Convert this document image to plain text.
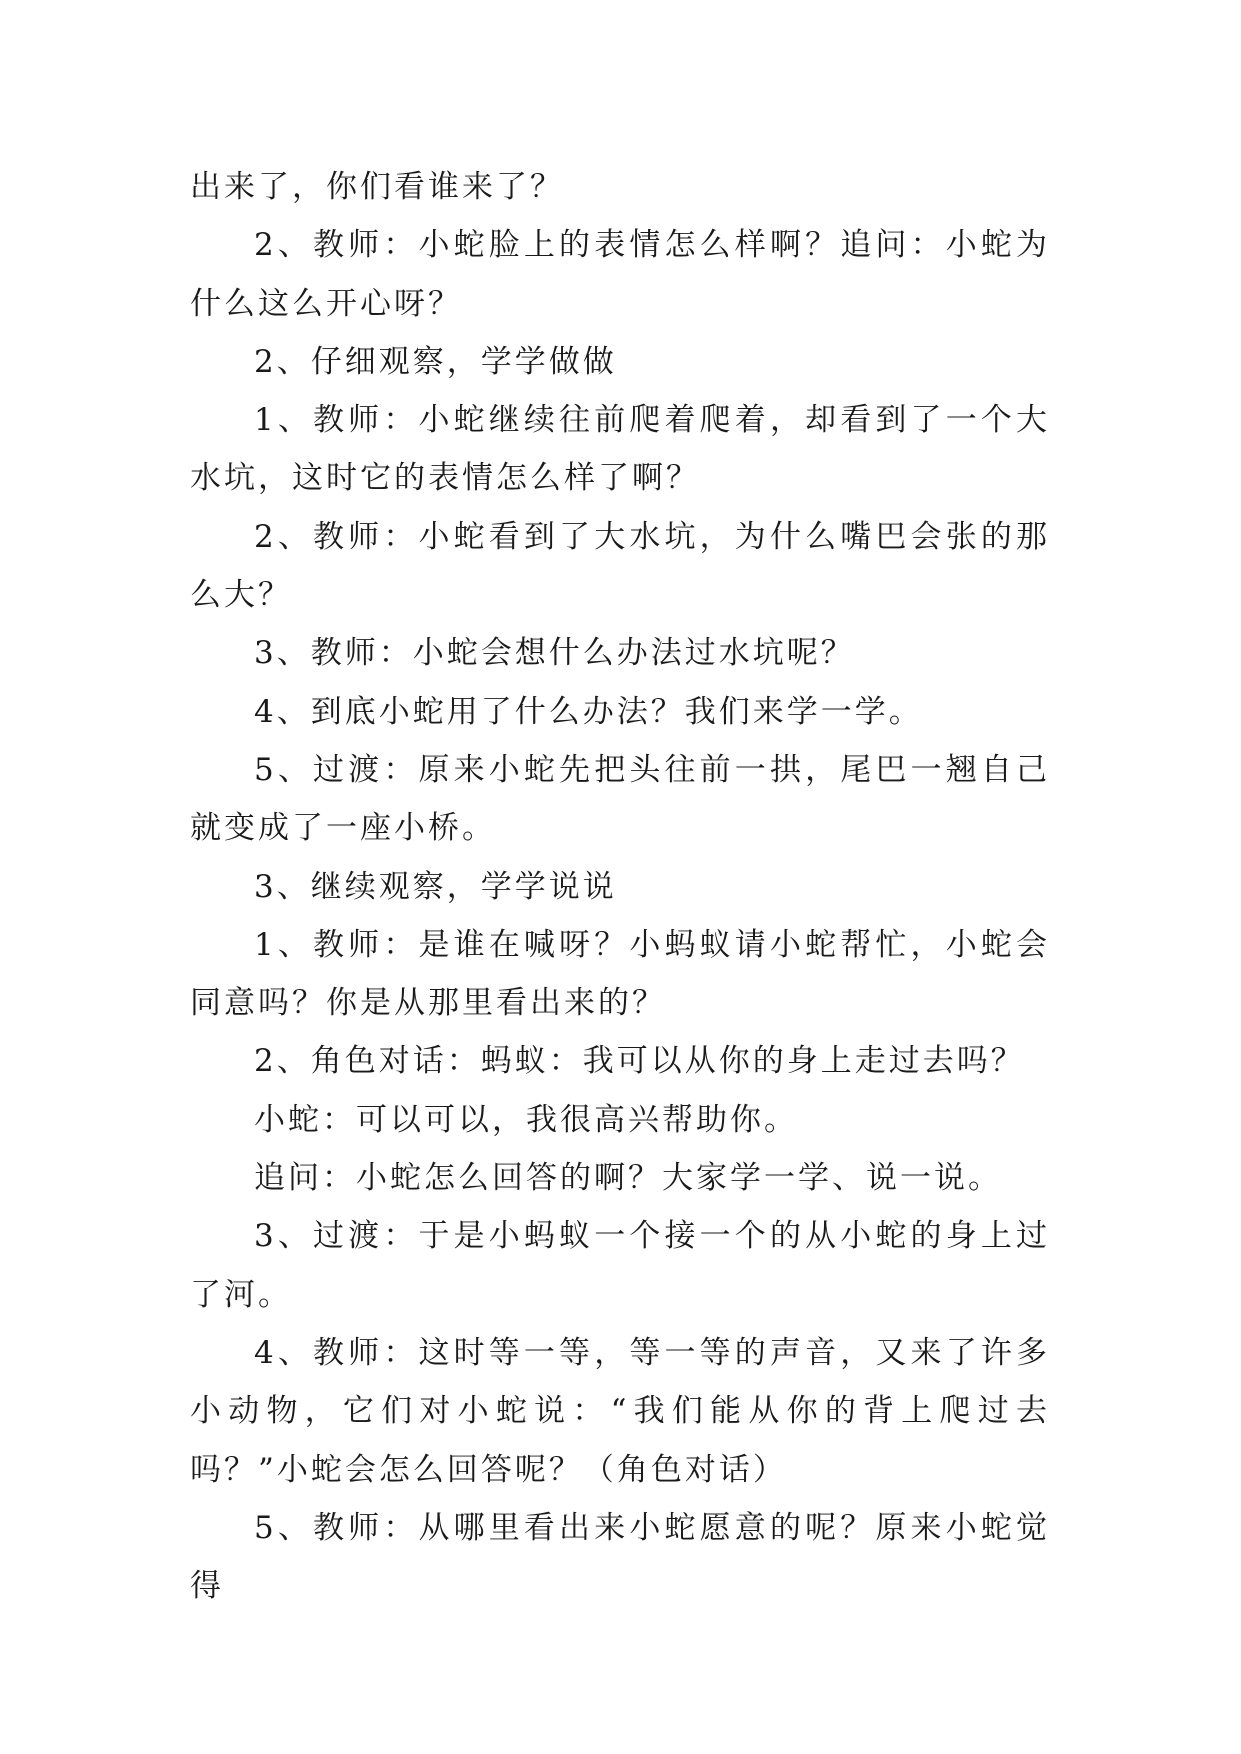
出来了，你们看谁来了？

2、教师：小蛇脸上的表情怎么样啊？追问：小蛇为什么这么开心呀？

2、仔细观察，学学做做

1、教师：小蛇继续往前爬着爬着，却看到了一个大水坑，这时它的表情怎么样了啊？

2、教师：小蛇看到了大水坑，为什么嘴巴会张的那么大？

3、教师：小蛇会想什么办法过水坑呢？

4、到底小蛇用了什么办法？我们来学一学。

5、过渡：原来小蛇先把头往前一拱，尾巴一翘自己就变成了一座小桥。

3、继续观察，学学说说

1、教师：是谁在喊呀？小蚂蚁请小蛇帮忙，小蛇会同意吗？你是从那里看出来的？

2、角色对话：蚂蚁：我可以从你的身上走过去吗？

小蛇：可以可以，我很高兴帮助你。

追问：小蛇怎么回答的啊？大家学一学、说一说。

3、过渡：于是小蚂蚁一个接一个的从小蛇的身上过了河。

4、教师：这时等一等，等一等的声音，又来了许多小动物，它们对小蛇说：“我们能从你的背上爬过去吗？”小蛇会怎么回答呢？（角色对话）

5、教师：从哪里看出来小蛇愿意的呢？原来小蛇觉得
